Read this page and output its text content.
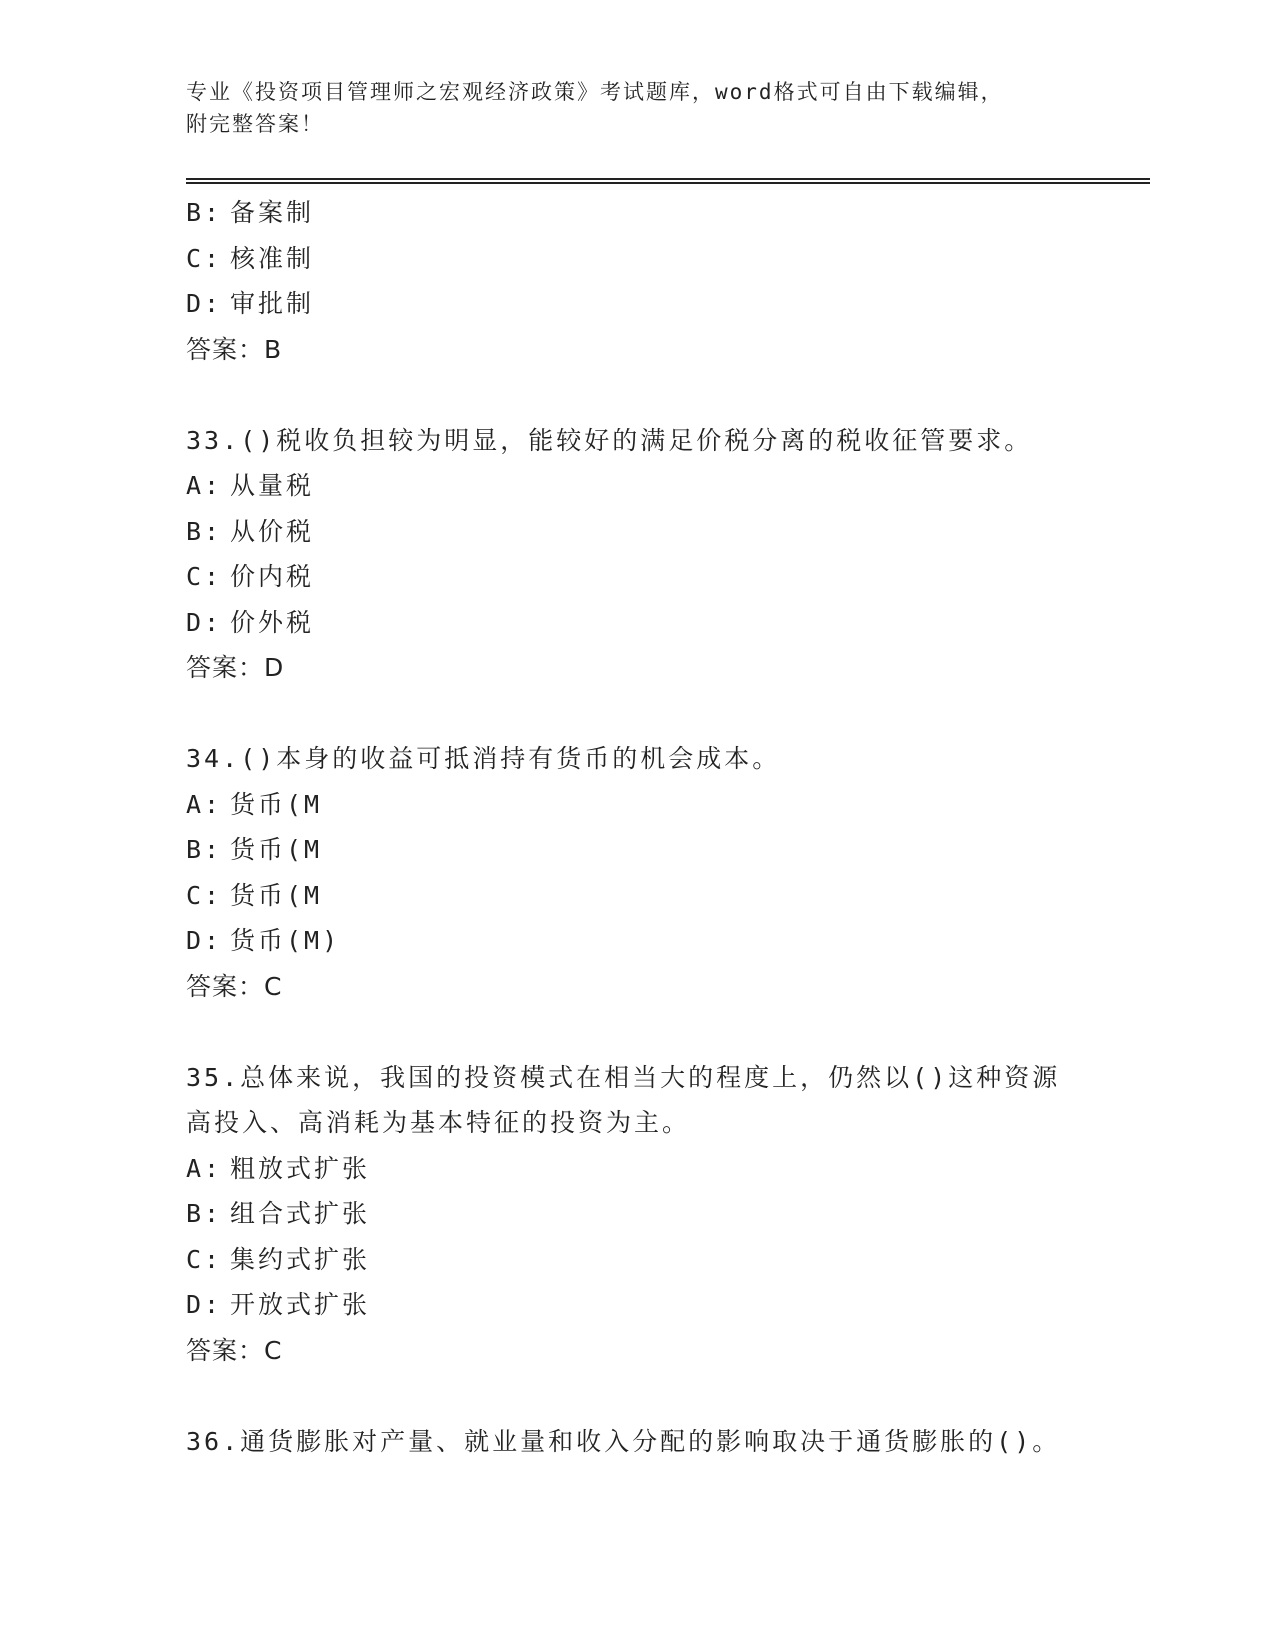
专业《投资项目管理师之宏观经济政策》考试题库，word格式可自由下载编辑，
附完整答案！
B: 备案制
C: 核准制
D: 审批制
答案：B
33.()税收负担较为明显，能较好的满足价税分离的税收征管要求。
A: 从量税
B: 从价税
C: 价内税
D: 价外税
答案：D
34.()本身的收益可抵消持有货币的机会成本。
A: 货币(M
B: 货币(M
C: 货币(M
D: 货币(M)
答案：C
35.总体来说，我国的投资模式在相当大的程度上，仍然以()这种资源
高投入、高消耗为基本特征的投资为主。
A: 粗放式扩张
B: 组合式扩张
C: 集约式扩张
D: 开放式扩张
答案：C
36.通货膨胀对产量、就业量和收入分配的影响取决于通货膨胀的()。
